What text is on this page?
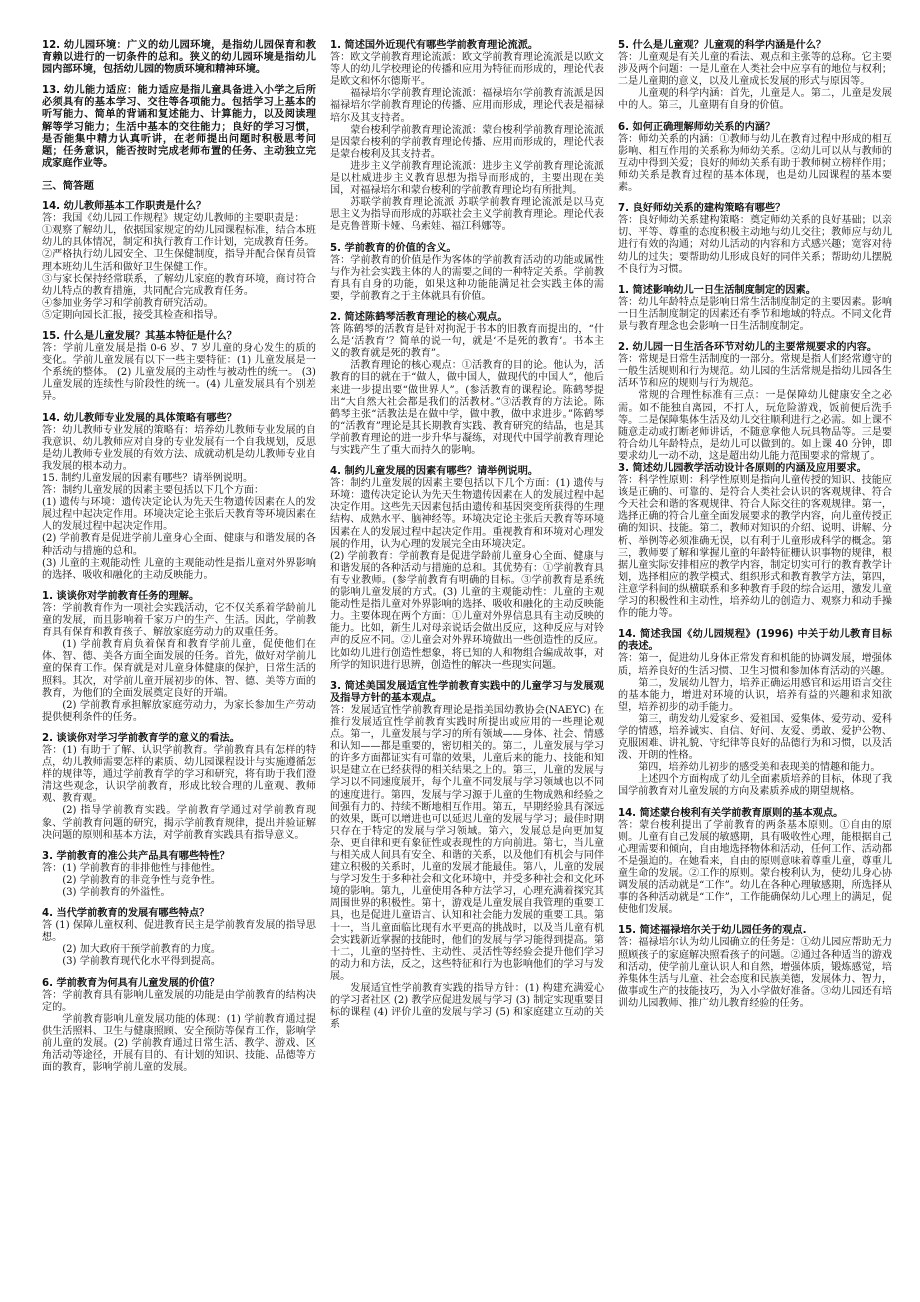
12. 幼儿园环境：广义的幼儿园环境，是指幼儿园保育和教育赖以进行的一切条件的总和。狭义的幼儿园环境是指幼儿园内部环境，包括幼儿园的物质环境和精神环境。

13. 幼儿能力适应：能力适应是指儿童具备进入小学之后所必须具有的基本学习、交往等各项能力。包括学习上基本的听写能力、简单的背诵和复述能力、计算能力，以及阅读理解等学习能力；生活中基本的交往能力；良好的学习习惯，是否能集中精力认真听讲，在老师提出问题时积极思考问题；任务意识，能否按时完成老师布置的任务、主动独立完成家庭作业等。

三、简答题

14. 幼儿教师基本工作职责是什么？

答：我国《幼儿园工作规程》规定幼儿教师的主要职责是：

①观察了解幼儿，依据国家规定的幼儿园课程标准，结合本班幼儿的具体情况，制定和执行教育工作计划，完成教育任务。

②严格执行幼儿园安全、卫生保健制度，指导并配合保育员管理本班幼儿生活和做好卫生保健工作。

③与家长保持经常联系，了解幼儿家庭的教育环境，商讨符合幼儿特点的教育措施，共同配合完成教育任务。

④参加业务学习和学前教育研究活动。

⑤定期向园长汇报，接受其检查和指导。

15. 什么是儿童发展？其基本特征是什么？

答：学前儿童发展是指 0-6 岁、7 岁儿童的身心发生的质的变化。学前儿童发展有以下一些主要特征：(1) 儿童发展是一个系统的整体。 (2) 儿童发展的主动性与被动性的统一。 (3) 儿童发展的连续性与阶段性的统一。(4) 儿童发展具有个别差异。

14. 幼儿教师专业发展的具体策略有哪些？

答：幼儿教师专业发展的策略有：培养幼儿教师专业发展的自我意识、幼儿教师应对自身的专业发展有一个自我规划，反思是幼儿教师专业发展的有效方法、成就动机是幼儿教师专业自我发展的根本动力。

15. 制约儿童发展的因素有哪些？请举例说明。

答：制约儿童发展的因素主要包括以下几个方面：

(1) 遗传与环境：遗传决定论认为先天生物遗传因素在人的发展过程中起决定作用。环境决定论主张后天教育等环境因素在人的发展过程中起决定作用。

(2) 学前教育是促进学前儿童身心全面、健康与和谐发展的各种活动与措施的总和。

(3) 儿童的主观能动性 儿童的主观能动性是指儿童对外界影响的选择、吸收和融化的主动反映能力。

1. 谈谈你对学前教育任务的理解。

答：学前教育作为一项社会实践活动，它不仅关系着学龄前儿童的发展，而且影响着千家万户的生产、生活。因此，学前教育具有保育和教育孩子、解放家庭劳动力的双重任务。

(1) 学前教育肩负着保育和教育学前儿童，促使他们在体、智、德、美各方面全面发展的任务。首先，做好对学前儿童的保育工作。保育就是对儿童身体健康的保护，日常生活的照料。其次，对学前儿童开展初步的体、智、德、美等方面的教育，为他们的全面发展奠定良好的开端。

(2) 学前教育承担解放家庭劳动力，为家长参加生产劳动提供便利条件的任务。

2. 谈谈你对学习学前教育学的意义的看法。

答：(1) 有助于了解、认识学前教育。学前教育具有怎样的特点，幼儿教师需要怎样的素质、幼儿园课程设计与实施遵循怎样的规律等，通过学前教育学的学习和研究，将有助于我们澄清这些观念，认识学前教育，形成比较合理的儿童观、教师观、教育观。

(2) 指导学前教育实践。学前教育学通过对学前教育现象、学前教育问题的研究，揭示学前教育规律，提出并验证解决问题的原则和基本方法，对学前教育实践具有指导意义。

3. 学前教育的准公共产品具有哪些特性？

答：(1) 学前教育的非排他性与排他性。

(2) 学前教育的非竞争性与竞争性。

(3) 学前教育的外溢性。

4. 当代学前教育的发展有哪些特点？

答 (1) 保障儿童权利、促进教育民主是学前教育发展的指导思想。

(2) 加大政府干预学前教育的力度。

(3) 学前教育现代化水平得到提高。

6. 学前教育为何具有儿童发展的价值？

答：学前教育具有影响儿童发展的功能是由学前教育的结构决定的。

学前教育影响儿童发展功能的体现：(1) 学前教育通过提供生活照料、卫生与健康照顾、安全预防等保育工作，影响学前儿童的发展。(2) 学前教育通过日常生活、教学、游戏、区角活动等途径，开展有目的、有计划的知识、技能、品德等方面的教育，影响学前儿童的发展。

1. 简述国外近现代有哪些学前教育理论流派。

答：欧文学前教育理论流派：欧文学前教育理论流派是以欧文等人的幼儿学校理论的传播和应用为特征而形成的，理论代表是欧文和怀尔德斯平。

福禄培尔学前教育理论流派：福禄培尔学前教育流派是因福禄培尔学前教育理论的传播、应用而形成，理论代表是福禄培尔及其支持者。

蒙台梭利学前教育理论流派：蒙台梭利学前教育理论流派是因蒙台梭利的学前教育理论传播、应用而形成的，理论代表是蒙台梭利及其支持者。

进步主义学前教育理论流派：进步主义学前教育理论流派是以杜威进步主义教育思想为指导而形成的，主要出现在美国，对福禄培尔和蒙台梭利的学前教育理论均有所批判。

苏联学前教育理论流派 苏联学前教育理论流派是以马克思主义为指导而形成的苏联社会主义学前教育理论。理论代表是克鲁普斯卡娅、乌索娃、福江科娜等。

5. 学前教育的价值的含义。

答：学前教育的价值是作为客体的学前教育活动的功能或属性与作为社会实践主体的人的需要之间的一种特定关系。学前教育具有自身的功能，如果这种功能能满足社会实践主体的需要，学前教育之于主体就具有价值。

2. 简述陈鹤琴活教育理论的核心观点。

答 陈鹤琴的活教育是针对拘泥于书本的旧教育而提出的，“什么是‘活教育’？简单的说一句，就是‘不是死的教育’。书本主义的教育就是死的教育”。

活教育理论的核心观点：①活教育的目的论。他认为，活教育的目的就在于“做人，做中国人，做现代的中国人”，他后来进一步提出要“做世界人”。(参活教育的课程论。陈鹤琴提出“大自然大社会都是我们的活教材。”③活教育的方法论。陈鹤琴主张“活教法是在做中学，做中教，做中求进步。”陈鹤琴的“活教育”理论是其长期教育实践、教育研究的结晶，也是其学前教育理论的进一步升华与凝练，对现代中国学前教育理论与实践产生了重大而持久的影响。

4. 制约儿童发展的因素有哪些？请举例说明。

答：制约儿童发展的因素主要包括以下几个方面：(1) 遗传与环境：遗传决定论认为先天生物遗传因素在人的发展过程中起决定作用。这些先天因素包括由遗传和基因突变所获得的生理结构、成熟水平、脑神经等。环境决定论主张后天教育等环境因素在人的发展过程中起决定作用。重视教育和环境对心理发展的作用，认为心理的发展完全由环境决定。

(2) 学前教育：学前教育是促进学龄前儿童身心全面、健康与和谐发展的各种活动与措施的总和。其优势有：①学前教育具有专业教师。(参学前教育有明确的目标。③学前教育是系统的影响儿童发展的方式。(3) 儿童的主观能动性：儿童的主观能动性是指儿童对外界影响的选择、吸收和融化的主动反映能力。主要体现在两个方面：①儿童对外界信息具有主动反映的能力。比如，新生儿对母亲说话会做出反应，这种反应与对铃声的反应不同。②儿童会对外界环境做出一些创造性的反应。比如幼儿进行创造性想象，将已知的人和物组合编成故事，对所学的知识进行思辨，创造性的解决一些现实问题。

3. 简述美国发展适宜性学前教育实践中的儿童学习与发展观及指导方针的基本观点。

答：发展适宜性学前教育理论是指美国幼教协会(NAEYC) 在推行发展适宜性学前教育实践时所提出或应用的一些理论观点。第一，儿童发展与学习的所有领域——身体、社会、情感和认知——都是重要的，密切相关的。第二，儿童发展与学习的许多方面都证实有可靠的效果，儿童后来的能力、技能和知识是建立在已经获得的相关结果之上的。第三，儿童的发展与学习以不同速度展开，每个儿童不同发展与学习领域也以不同的速度进行。第四，发展与学习源于儿童的生物成熟和经验之间强有力的、持续不断地相互作用。第五，早期经验具有深远的效果，既可以增进也可以延迟儿童的发展与学习；最佳时期只存在于特定的发展与学习领域。第六，发展总是向更加复杂、更自律和更有象征性或表现性的方向前进。第七，当儿童与相关成人间具有安全、和谐的关系，以及他们有机会与同伴建立积极的关系时，儿童的发展才能最佳。第八，儿童的发展与学习发生于多种社会和文化环境中，并受多种社会和文化环境的影响。第九，儿童使用各种方法学习，心理充满着探究其周围世界的积极性。第十，游戏是儿童发展自我管理的重要工具，也是促进儿童语言、认知和社会能力发展的重要工具。第十一，当儿童面临比现有水平更高的挑战时，以及当儿童有机会实践新近掌握的技能时，他们的发展与学习能得到提高。第十二，儿童的坚持性、主动性、灵活性等经验会提升他们学习的动力和方法，反之，这些特征和行为也影响他们的学习与发展。

发展适宜性学前教育实践的指导方针：(1) 构建充满爱心的学习者社区 (2) 教学应促进发展与学习 (3) 制定实现重要目标的课程 (4) 评价儿童的发展与学习 (5) 和家庭建立互动的关系

5. 什么是儿童观？儿童观的科学内涵是什么？

答：儿童观是有关儿童的看法、观点和主张等的总称。它主要涉及两个问题：一是儿童在人类社会中应享有的地位与权利；二是儿童期的意义，以及儿童成长发展的形式与原因等。

儿童观的科学内涵：首先，儿童是人。第二，儿童是发展中的人。第三，儿童期有自身的价值。

6. 如何正确理解师幼关系的内涵？

答：师幼关系的内涵：①教师与幼儿在教育过程中形成的相互影响、相互作用的关系称为师幼关系。②幼儿可以从与教师的互动中得到关爱；良好的师幼关系有助于教师树立榜样作用；师幼关系是教育过程的基本体现，也是幼儿园课程的基本要素。

7. 良好师幼关系的建构策略有哪些？

答：良好师幼关系建构策略：奠定师幼关系的良好基础；以亲切、平等、尊重的态度积极主动地与幼儿交往；教师应与幼儿进行有效的沟通；对幼儿活动的内容和方式感兴趣；宽容对待幼儿的过失；要帮助幼儿形成良好的同伴关系；帮助幼儿摆脱不良行为习惯。

1. 简述影响幼儿一日生活制度制定的因素。

答：幼儿年龄特点是影响日常生活制度制定的主要因素。影响一日生活制度制定的因素还有季节和地域的特点。不同文化背景与教育理念也会影响一日生活制度制定。

2. 幼儿园一日生活各环节对幼儿的主要常规要求的内容。

答：常规是日常生活制度的一部分。常规是指人们经常遵守的一般生活规则和行为规范。幼儿园的生活常规是指幼儿园各生活环节和应的规则与行为规范。

常规的合理性标准有三点：一是保障幼儿健康安全之必需。如不能独自离园，不打人，玩危险游戏，饭前便后洗手等。二是保障集体生活及幼儿交往顺利进行之必需。如上课不随意走动或打断老师讲话，不随意拿他人玩具物品等。三是要符合幼儿年龄特点，是幼儿可以做到的。如上课 40 分钟，即要求幼儿一动不动，这是超出幼儿能力范围要求的常规了。

3. 简述幼儿园教学活动设计各原则的内涵及应用要求。

答：科学性原则：科学性原则是指向儿童传授的知识、技能应该是正确的、可靠的、是符合人类社会认识的客观规律、符合今天社会和谐的客观规律、符合人际交往的客观规律。第一，选择正确的符合儿童全面发展要求的教学内容，向儿童传授正确的知识、技能。第二，教师对知识的介绍、说明、讲解、分析、举例等必须准确无误，以有利于儿童形成科学的概念。第三，教师要了解和掌握儿童的年龄特征栅认识事物的规律，根据儿童实际安排相应的教学内容，制定切实可行的教育教学计划，选择相应的教学模式、组织形式和教育教学方法，第四，注意学科间的纵横联系和多种教育手段的综合运用，激发儿童学习的积极性和主动性，培养幼儿的创造力、观察力和动手操作的能力等。

14. 简述我国《幼儿园规程》(1996) 中关于幼儿教育目标的表述。

答：第一，促进幼儿身体正常发育和机能的协调发展，增强体质，培养良好的生活习惯、卫生习惯和参加体育活动的兴趣。

第二，发展幼儿智力，培养正确运用感官和运用语言交往的基本能力，增进对环境的认识，培养有益的兴趣和求知欲望，培养初步的动手能力。

第三，萌发幼儿爱家乡、爱祖国、爱集体、爱劳动、爱科学的情感，培养诚实、自信、好问、友爱、勇敢、爱护公物、克服困难、讲礼貌、守纪律等良好的品德行为和习惯，以及活泼、开朗的性格。

第四，培养幼儿初步的感受美和表现美的情趣和能力。

上述四个方面构成了幼儿全面素质培养的目标，体现了我国学前教育对儿童发展的方向及素质养成的期望规格。

14. 简述蒙台梭利有关学前教育原则的基本观点。

答：蒙台梭利提出了学前教育的两条基本原则。①自由的原则。儿童有自己发展的敏感期，具有吸收性心理，能根据自己心理需要和倾向，自由地选择物体和活动，任何工作、活动都不是强迫的。在她看来，自由的原则意味着尊重儿童，尊重儿童生命的发展。②工作的原则。蒙台梭利认为，使幼儿身心协调发展的活动就是“工作”。幼儿在各种心理敏感期，所选择从事的各种活动就是“工作”，工作能确保幼儿心理上的满足，促使他们发展。

15. 简述福禄培尔关于幼儿园任务的观点.

答：福禄培尔认为幼儿园确立的任务是：①幼儿园应帮助无力照顾孩子的家庭解决照看孩子的问题。②通过各种适当的游戏和活动，使学前儿童认识人和自然，增强体质，锻炼感觉，培养集体生活与儿童、社会态度和民族美德，发展体力、智力，做事或生产的技能技巧，为入小学做好准备。③幼儿园还有培训幼儿园教师、推广幼儿教育经验的任务。
